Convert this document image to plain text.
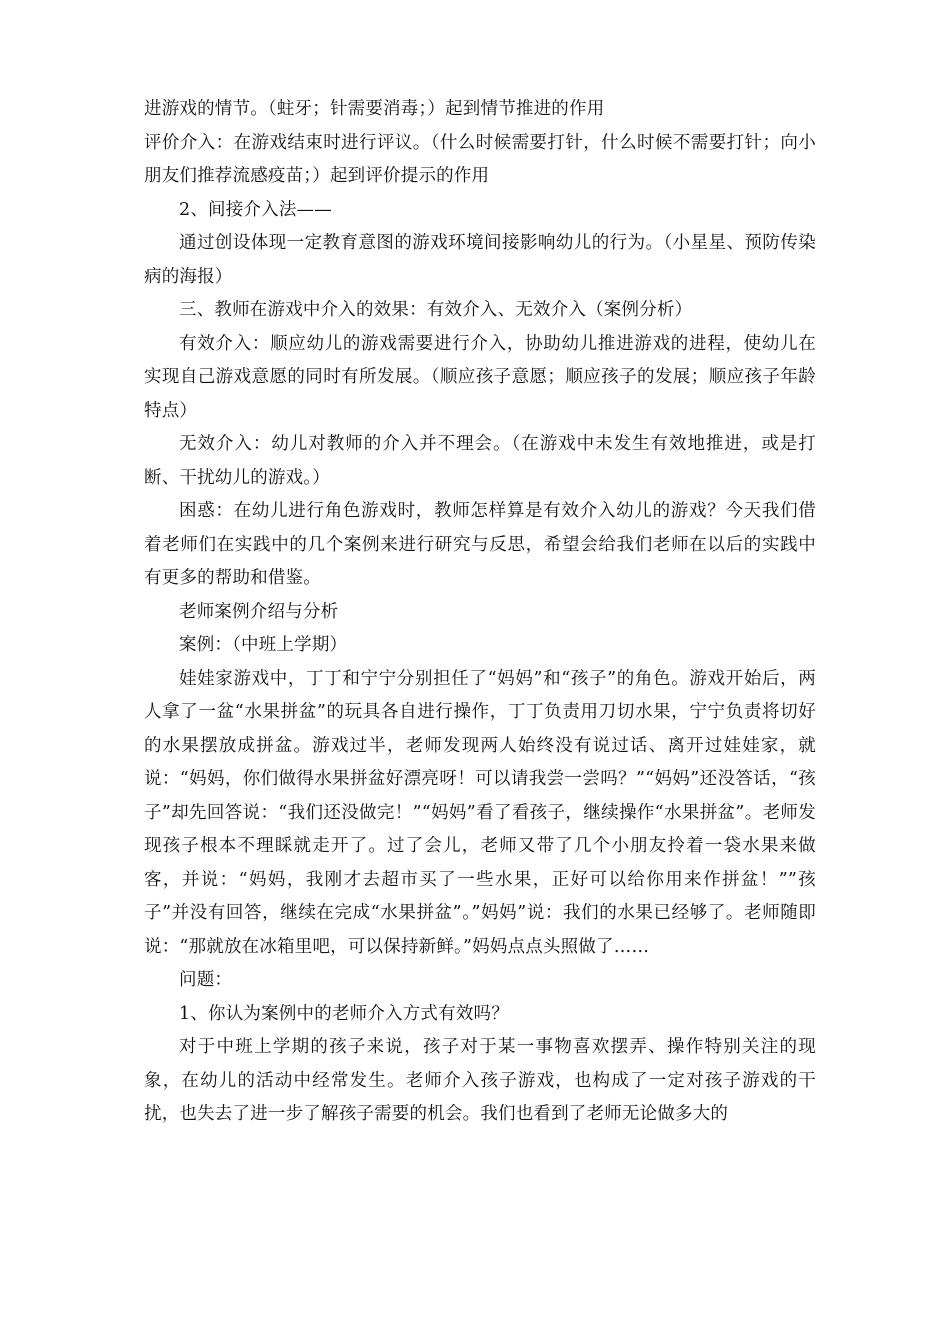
进游戏的情节。（蛀牙；针需要消毒；）起到情节推进的作用

评价介入：在游戏结束时进行评议。（什么时候需要打针，什么时候不需要打针；向小朋友们推荐流感疫苗；）起到评价提示的作用

2、间接介入法——

通过创设体现一定教育意图的游戏环境间接影响幼儿的行为。（小星星、预防传染病的海报）

三、教师在游戏中介入的效果：有效介入、无效介入（案例分析）

有效介入：顺应幼儿的游戏需要进行介入，协助幼儿推进游戏的进程，使幼儿在实现自己游戏意愿的同时有所发展。（顺应孩子意愿；顺应孩子的发展；顺应孩子年龄特点）

无效介入：幼儿对教师的介入并不理会。（在游戏中未发生有效地推进，或是打断、干扰幼儿的游戏。）

困惑：在幼儿进行角色游戏时，教师怎样算是有效介入幼儿的游戏？今天我们借着老师们在实践中的几个案例来进行研究与反思，希望会给我们老师在以后的实践中有更多的帮助和借鉴。

老师案例介绍与分析

案例：（中班上学期）

娃娃家游戏中，丁丁和宁宁分别担任了“妈妈”和“孩子”的角色。游戏开始后，两人拿了一盆“水果拼盆”的玩具各自进行操作，丁丁负责用刀切水果，宁宁负责将切好的水果摆放成拼盆。游戏过半，老师发现两人始终没有说过话、离开过娃娃家，就说：“妈妈，你们做得水果拼盆好漂亮呀！可以请我尝一尝吗？”“妈妈”还没答话，“孩子”却先回答说：“我们还没做完！”“妈妈”看了看孩子，继续操作“水果拼盆”。老师发现孩子根本不理睬就走开了。过了会儿，老师又带了几个小朋友拎着一袋水果来做客，并说：“妈妈，我刚才去超市买了一些水果，正好可以给你用来作拼盆！””孩子”并没有回答，继续在完成“水果拼盆”。”妈妈”说：我们的水果已经够了。老师随即说：“那就放在冰箱里吧，可以保持新鲜。”妈妈点点头照做了……

问题：

1、你认为案例中的老师介入方式有效吗？

对于中班上学期的孩子来说，孩子对于某一事物喜欢摆弄、操作特别关注的现象，在幼儿的活动中经常发生。老师介入孩子游戏，也构成了一定对孩子游戏的干扰，也失去了进一步了解孩子需要的机会。我们也看到了老师无论做多大的
